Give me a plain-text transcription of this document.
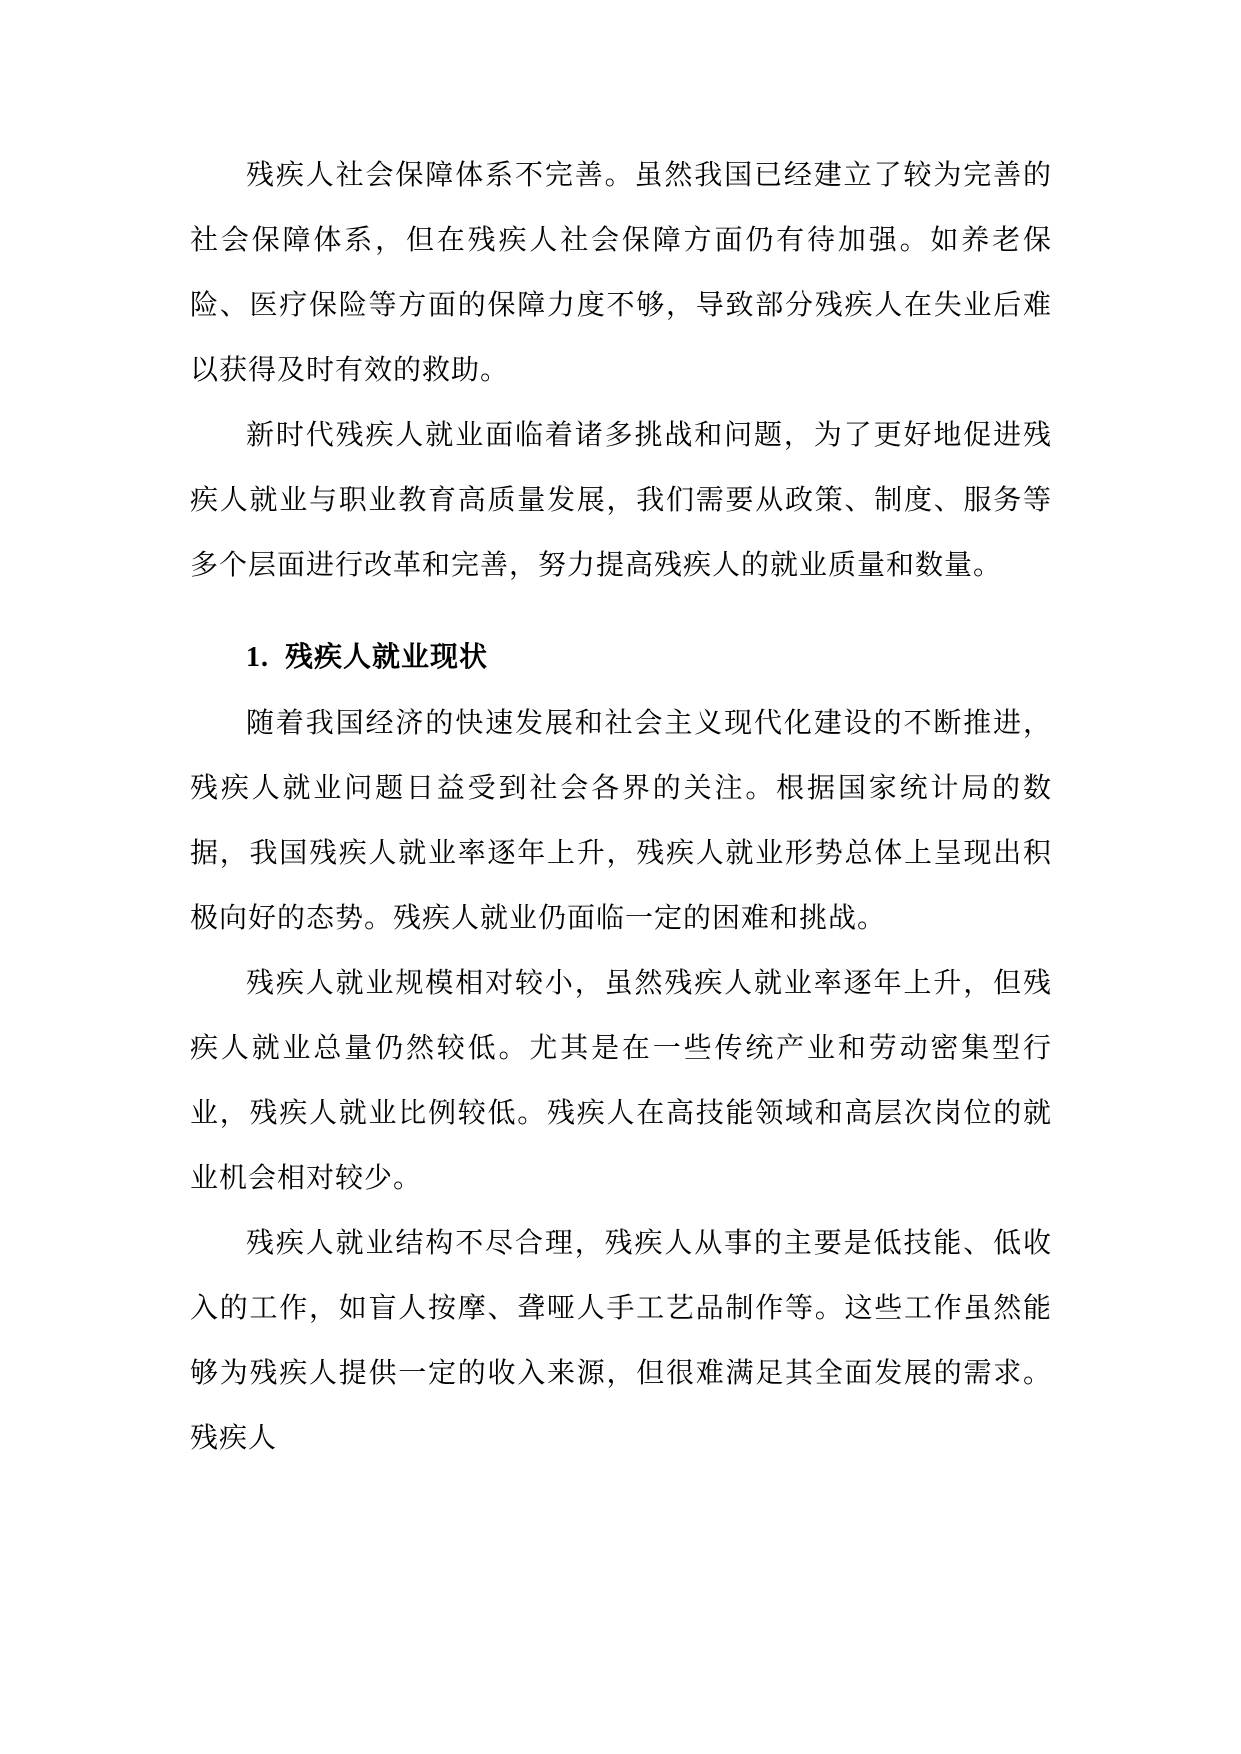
残疾人社会保障体系不完善。虽然我国已经建立了较为完善的社会保障体系，但在残疾人社会保障方面仍有待加强。如养老保险、医疗保险等方面的保障力度不够，导致部分残疾人在失业后难以获得及时有效的救助。

新时代残疾人就业面临着诸多挑战和问题，为了更好地促进残疾人就业与职业教育高质量发展，我们需要从政策、制度、服务等多个层面进行改革和完善，努力提高残疾人的就业质量和数量。

1. 残疾人就业现状

随着我国经济的快速发展和社会主义现代化建设的不断推进，残疾人就业问题日益受到社会各界的关注。根据国家统计局的数据，我国残疾人就业率逐年上升，残疾人就业形势总体上呈现出积极向好的态势。残疾人就业仍面临一定的困难和挑战。

残疾人就业规模相对较小，虽然残疾人就业率逐年上升，但残疾人就业总量仍然较低。尤其是在一些传统产业和劳动密集型行业，残疾人就业比例较低。残疾人在高技能领域和高层次岗位的就业机会相对较少。

残疾人就业结构不尽合理，残疾人从事的主要是低技能、低收入的工作，如盲人按摩、聋哑人手工艺品制作等。这些工作虽然能够为残疾人提供一定的收入来源，但很难满足其全面发展的需求。残疾人
